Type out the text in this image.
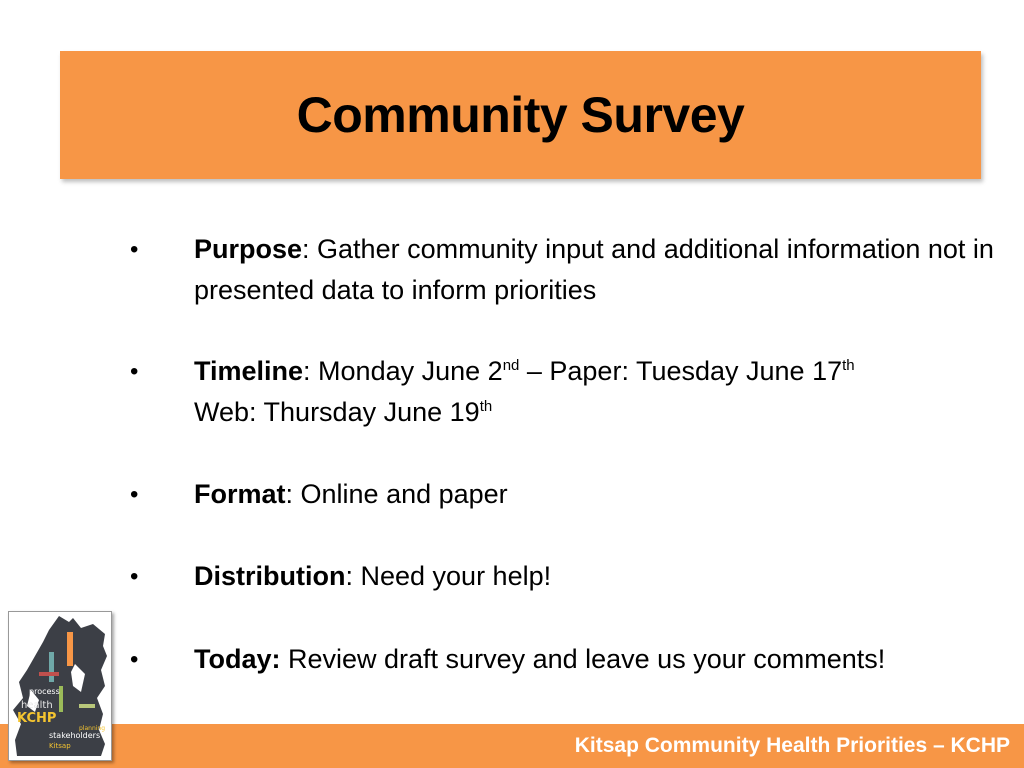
Community Survey
• Purpose: Gather community input and additional information not in presented data to inform priorities
• Timeline: Monday June 2nd – Paper: Tuesday June 17th
Web: Thursday June 19th
• Format: Online and paper
• Distribution: Need your help!
• Today: Review draft survey and leave us your comments!
Kitsap Community Health Priorities – KCHP
process
health
KCHP
planning
stakeholders
Kitsap
